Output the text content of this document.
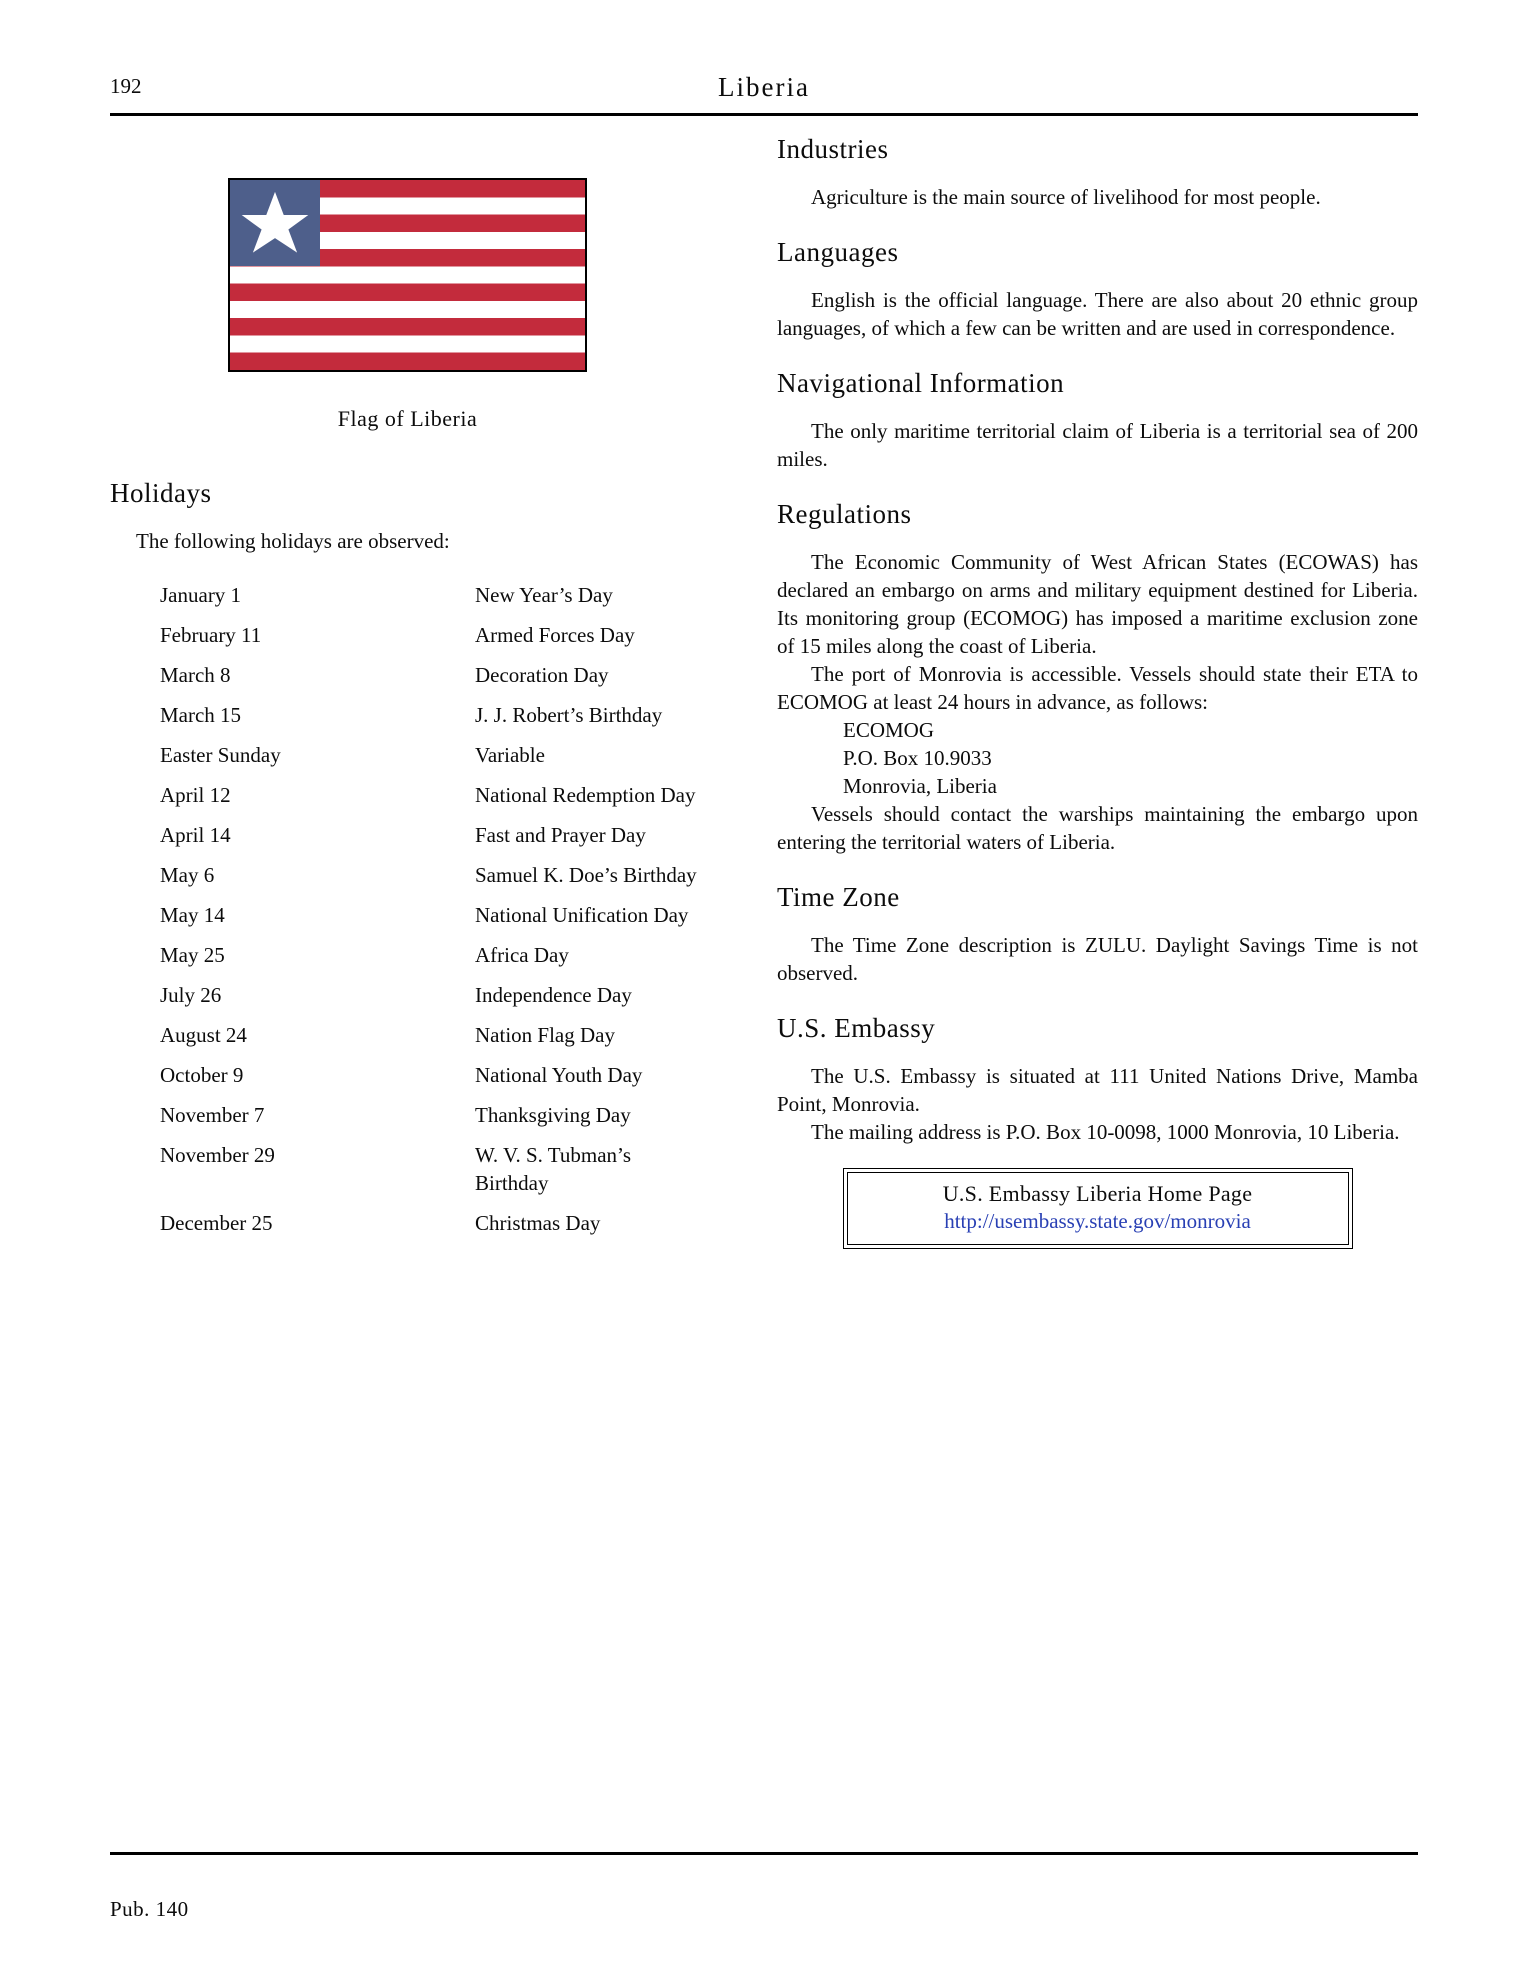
192	Liberia
Flag of Liberia
Holidays

The following holidays are observed:

January 1	New Year’s Day
February 11	Armed Forces Day
March 8	Decoration Day
March 15	J. J. Robert’s Birthday
Easter Sunday	Variable
April 12	National Redemption Day
April 14	Fast and Prayer Day
May 6	Samuel K. Doe’s Birthday
May 14	National Unification Day
May 25	Africa Day
July 26	Independence Day
August 24	Nation Flag Day
October 9	National Youth Day
November 7	Thanksgiving Day
November 29	W. V. S. Tubman’s Birthday
December 25	Christmas Day
Industries

Agriculture is the main source of livelihood for most people.

Languages

English is the official language. There are also about 20 ethnic group languages, of which a few can be written and are used in correspondence.

Navigational Information

The only maritime territorial claim of Liberia is a territorial sea of 200 miles.

Regulations

The Economic Community of West African States (ECOWAS) has declared an embargo on arms and military equipment destined for Liberia. Its monitoring group (ECOMOG) has imposed a maritime exclusion zone of 15 miles along the coast of Liberia.

The port of Monrovia is accessible. Vessels should state their ETA to ECOMOG at least 24 hours in advance, as follows:

ECOMOG
P.O. Box 10.9033
Monrovia, Liberia

Vessels should contact the warships maintaining the embargo upon entering the territorial waters of Liberia.

Time Zone

The Time Zone description is ZULU. Daylight Savings Time is not observed.

U.S. Embassy

The U.S. Embassy is situated at 111 United Nations Drive, Mamba Point, Monrovia.

The mailing address is P.O. Box 10-0098, 1000 Monrovia, 10 Liberia.

U.S. Embassy Liberia Home Page
http://usembassy.state.gov/monrovia
Pub. 140
